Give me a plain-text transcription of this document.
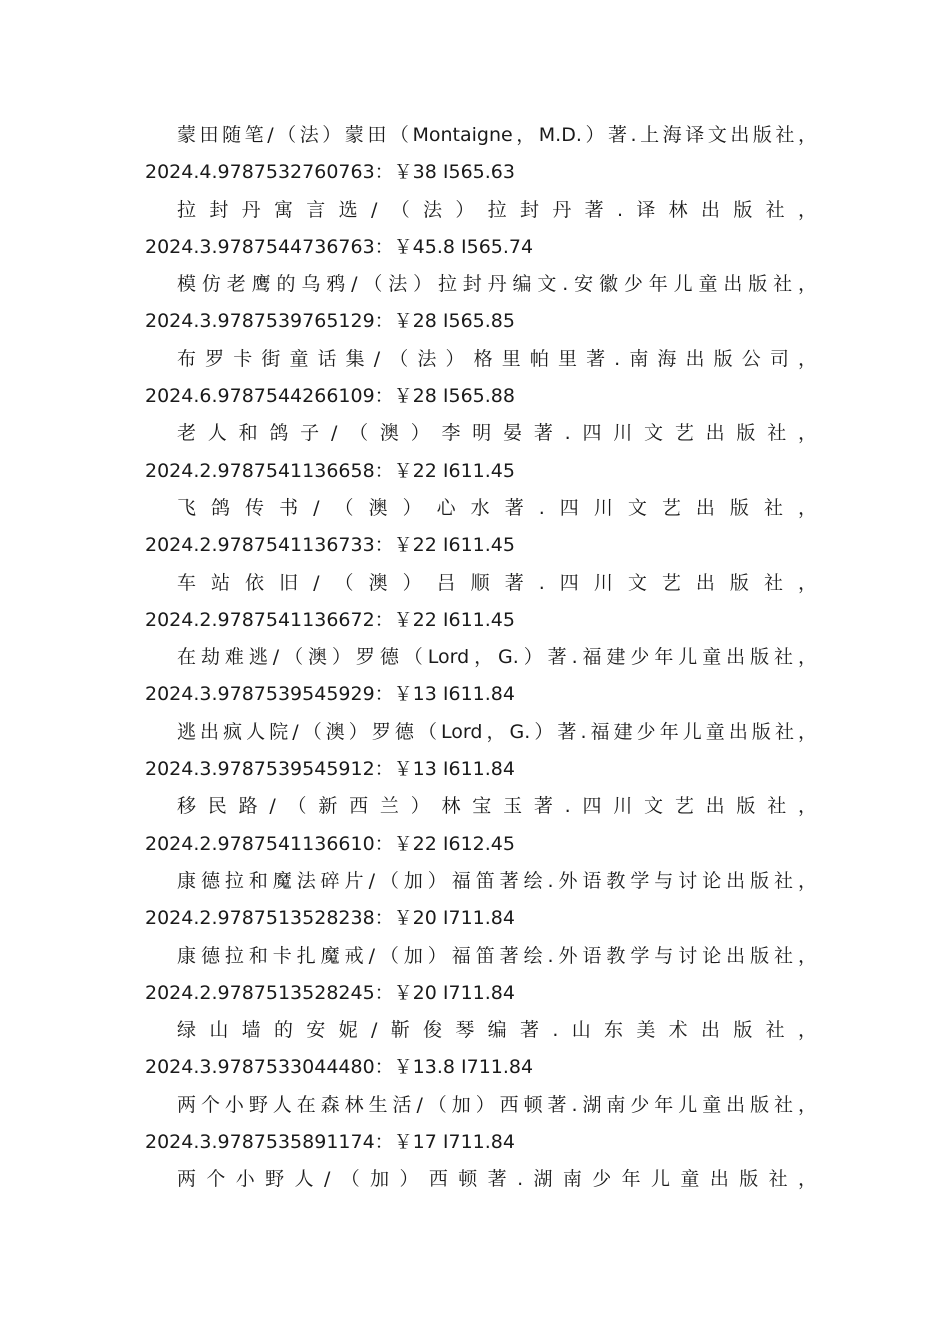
蒙田随笔/（法）蒙田（Montaigne，M.D.）著.上海译文出版社，
2024.4.9787532760763：￥38 I565.63
拉封丹寓言选/（法）拉封丹著.译林出版社，
2024.3.9787544736763：￥45.8 I565.74
模仿老鹰的乌鸦/（法）拉封丹编文.安徽少年儿童出版社，
2024.3.9787539765129：￥28 I565.85
布罗卡街童话集/（法）格里帕里著.南海出版公司，
2024.6.9787544266109：￥28 I565.88
老人和鸽子/（澳）李明晏著.四川文艺出版社，
2024.2.9787541136658：￥22 I611.45
飞鸽传书/（澳）心水著.四川文艺出版社，
2024.2.9787541136733：￥22 I611.45
车站依旧/（澳）吕顺著.四川文艺出版社，
2024.2.9787541136672：￥22 I611.45
在劫难逃/（澳）罗德（Lord，G.）著.福建少年儿童出版社，
2024.3.9787539545929：￥13 I611.84
逃出疯人院/（澳）罗德（Lord，G.）著.福建少年儿童出版社，
2024.3.9787539545912：￥13 I611.84
移民路/（新西兰）林宝玉著.四川文艺出版社，
2024.2.9787541136610：￥22 I612.45
康德拉和魔法碎片/（加）福笛著绘.外语教学与讨论出版社，
2024.2.9787513528238：￥20 I711.84
康德拉和卡扎魔戒/（加）福笛著绘.外语教学与讨论出版社，
2024.2.9787513528245：￥20 I711.84
绿山墙的安妮/靳俊琴编著.山东美术出版社，
2024.3.9787533044480：￥13.8 I711.84
两个小野人在森林生活/（加）西顿著.湖南少年儿童出版社，
2024.3.9787535891174：￥17 I711.84
两个小野人/（加）西顿著.湖南少年儿童出版社，
